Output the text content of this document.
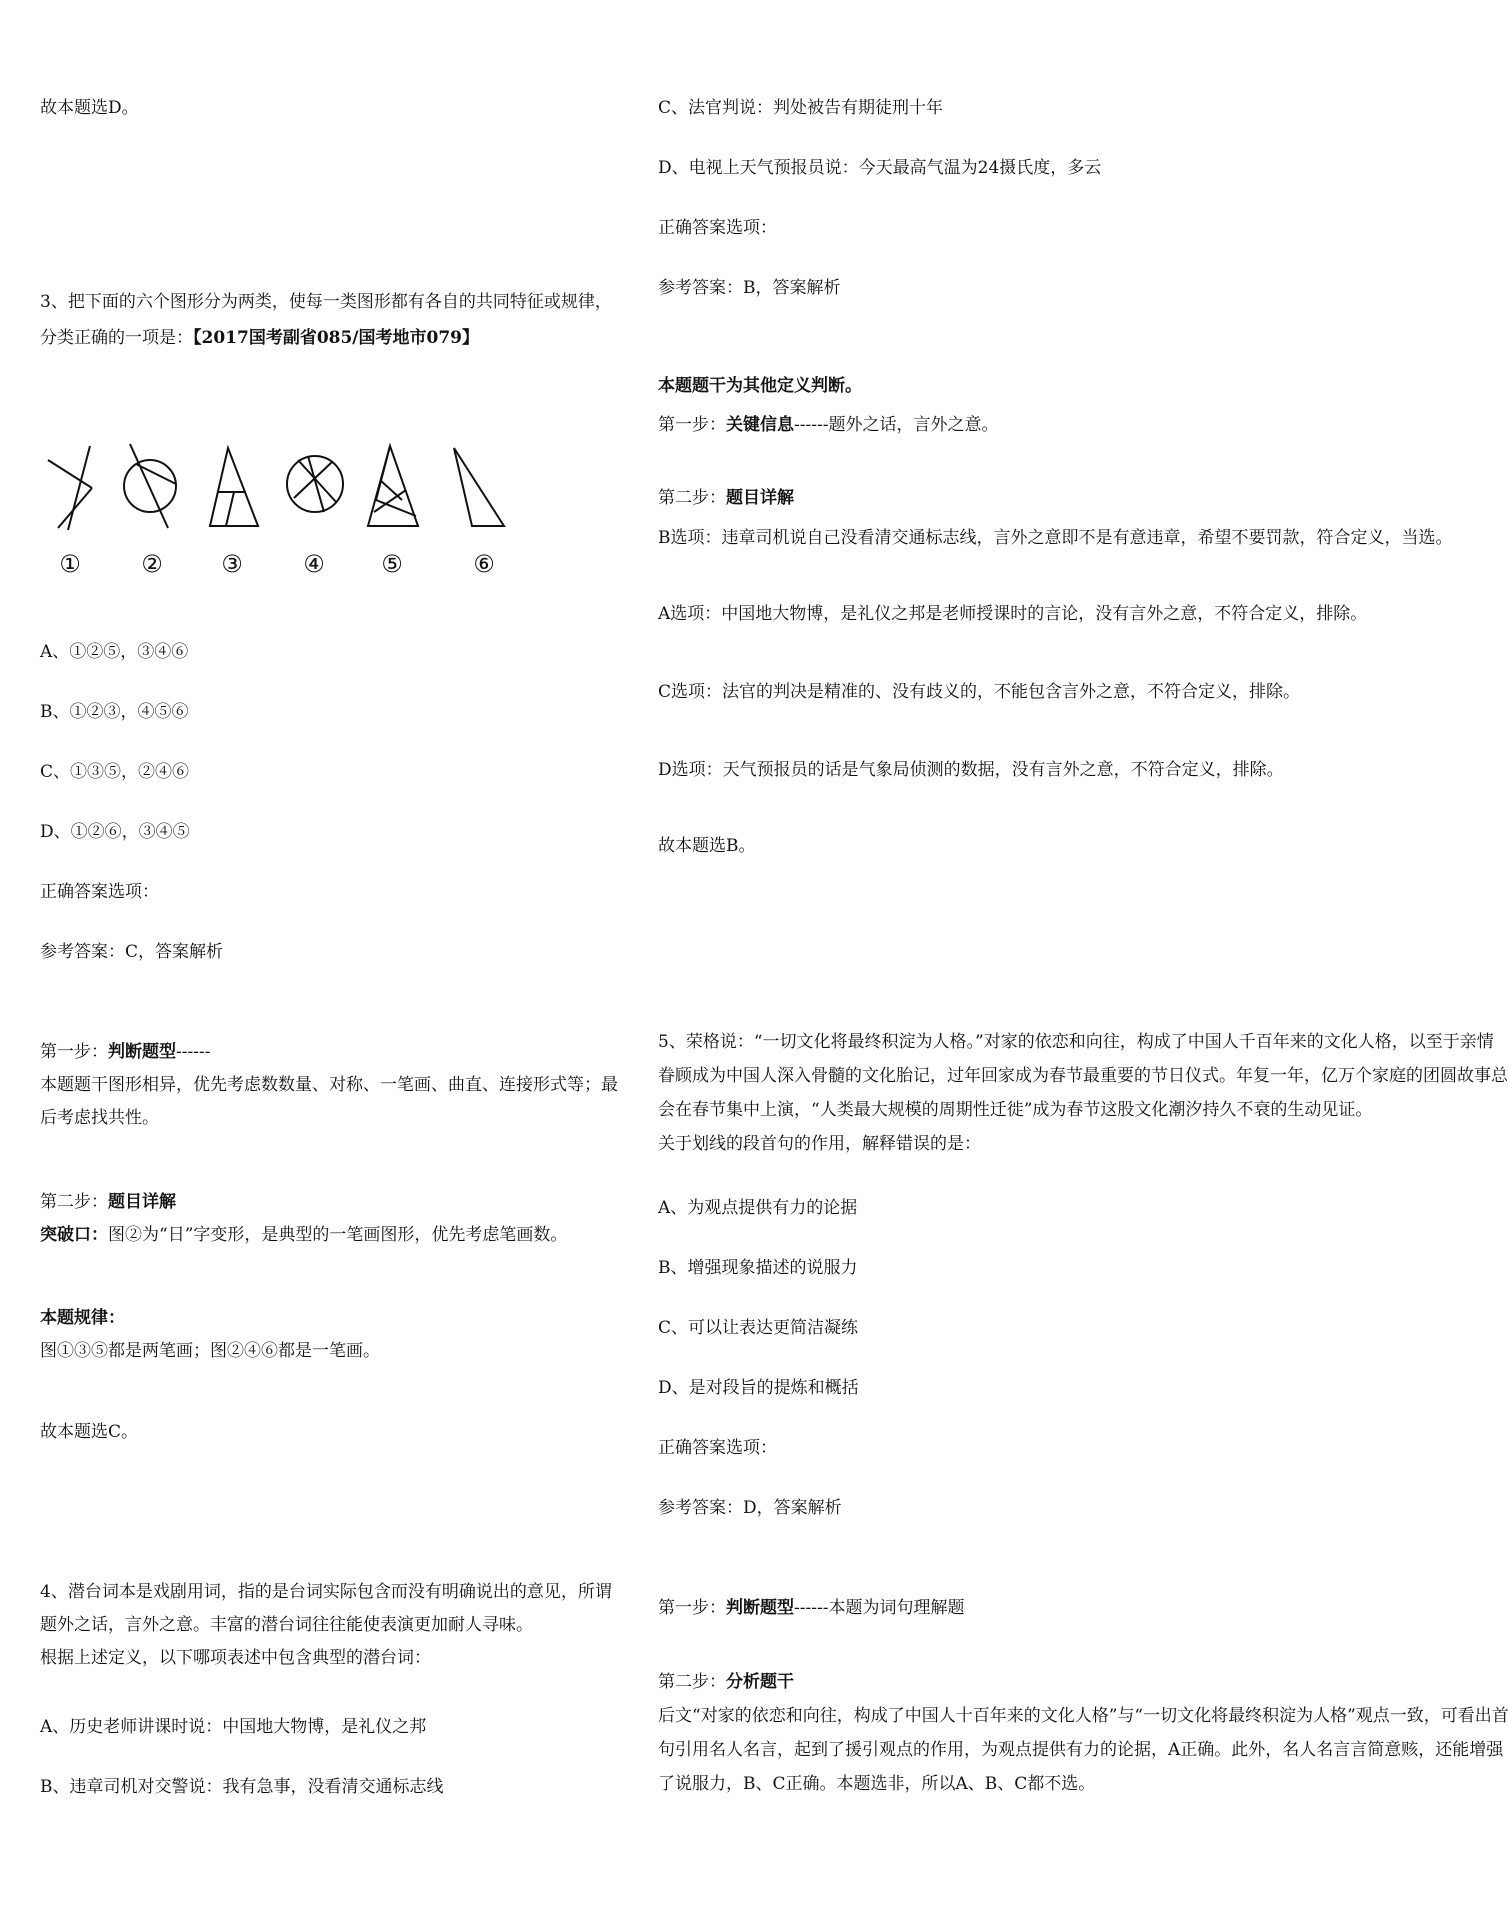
故本题选D。
3、把下面的六个图形分为两类，使每一类图形都有各自的共同特征或规律，
分类正确的一项是：【2017国考副省085/国考地市079】
①	② ③	④ ⑤	⑥
A、①②⑤，③④⑥
B、①②③，④⑤⑥
C、①③⑤，②④⑥
D、①②⑥，③④⑤
正确答案选项：
参考答案：C，答案解析
第一步：判断题型------
本题题干图形相异，优先考虑数数量、对称、一笔画、曲直、连接形式等；最
后考虑找共性。
第二步：题目详解
突破口：图②为“日”字变形，是典型的一笔画图形，优先考虑笔画数。
本题规律：
图①③⑤都是两笔画；图②④⑥都是一笔画。
故本题选C。
4、潜台词本是戏剧用词，指的是台词实际包含而没有明确说出的意见，所谓
题外之话，言外之意。丰富的潜台词往往能使表演更加耐人寻味。
根据上述定义，以下哪项表述中包含典型的潜台词：
A、历史老师讲课时说：中国地大物博，是礼仪之邦
B、违章司机对交警说：我有急事，没看清交通标志线
C、法官判说：判处被告有期徒刑十年
D、电视上天气预报员说：今天最高气温为24摄氏度，多云
正确答案选项：
参考答案：B，答案解析
本题题干为其他定义判断。
第一步：关键信息------题外之话，言外之意。
第二步：题目详解
B选项：违章司机说自己没看清交通标志线，言外之意即不是有意违章，希望不要罚款，符合定义，当选。
A选项：中国地大物博，是礼仪之邦是老师授课时的言论，没有言外之意，不符合定义，排除。
C选项：法官的判决是精准的、没有歧义的，不能包含言外之意，不符合定义，排除。
D选项：天气预报员的话是气象局侦测的数据，没有言外之意，不符合定义，排除。
故本题选B。
5、荣格说：“一切文化将最终积淀为人格。”对家的依恋和向往，构成了中国人千百年来的文化人格，以至于亲情
眷顾成为中国人深入骨髓的文化胎记，过年回家成为春节最重要的节日仪式。年复一年，亿万个家庭的团圆故事总
会在春节集中上演，“人类最大规模的周期性迁徙”成为春节这股文化潮汐持久不衰的生动见证。
关于划线的段首句的作用，解释错误的是：
A、为观点提供有力的论据
B、增强现象描述的说服力
C、可以让表达更简洁凝练
D、是对段旨的提炼和概括
正确答案选项：
参考答案：D，答案解析
第一步：判断题型------本题为词句理解题
第二步：分析题干
后文“对家的依恋和向往，构成了中国人十百年来的文化人格”与“一切文化将最终积淀为人格”观点一致，可看出首
句引用名人名言，起到了援引观点的作用，为观点提供有力的论据，A正确。此外，名人名言言简意赅，还能增强
了说服力，B、C正确。本题选非，所以A、B、C都不选。
